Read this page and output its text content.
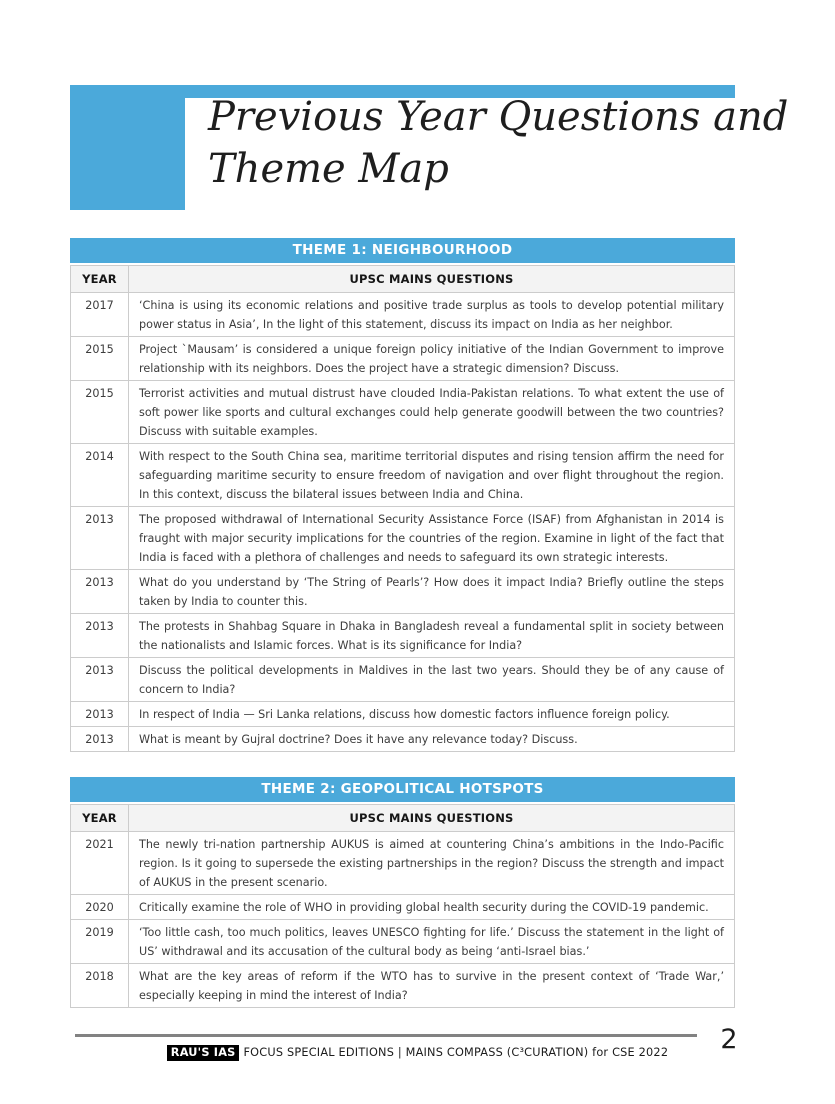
Previous Year Questions and
Theme Map
THEME 1: NEIGHBOURHOOD
YEAR	UPSC MAINS QUESTIONS
2017	‘China is using its economic relations and positive trade surplus as tools to develop potential military power status in Asia’, In the light of this statement, discuss its impact on India as her neighbor.
2015	Project `Mausam’ is considered a unique foreign policy initiative of the Indian Government to improve relationship with its neighbors. Does the project have a strategic dimension? Discuss.
2015	Terrorist activities and mutual distrust have clouded India-Pakistan relations. To what extent the use of soft power like sports and cultural exchanges could help generate goodwill between the two countries? Discuss with suitable examples.
2014	With respect to the South China sea, maritime territorial disputes and rising tension affirm the need for safeguarding maritime security to ensure freedom of navigation and over flight throughout the region. In this context, discuss the bilateral issues between India and China.
2013	The proposed withdrawal of International Security Assistance Force (ISAF) from Afghanistan in 2014 is fraught with major security implications for the countries of the region. Examine in light of the fact that India is faced with a plethora of challenges and needs to safeguard its own strategic interests.
2013	What do you understand by ‘The String of Pearls’? How does it impact India? Briefly outline the steps taken by India to counter this.
2013	The protests in Shahbag Square in Dhaka in Bangladesh reveal a fundamental split in society between the nationalists and Islamic forces. What is its significance for India?
2013	Discuss the political developments in Maldives in the last two years. Should they be of any cause of concern to India?
2013	In respect of India — Sri Lanka relations, discuss how domestic factors influence foreign policy.
2013	What is meant by Gujral doctrine? Does it have any relevance today? Discuss.
THEME 2: GEOPOLITICAL HOTSPOTS
YEAR	UPSC MAINS QUESTIONS
2021	The newly tri-nation partnership AUKUS is aimed at countering China’s ambitions in the Indo-Pacific region. Is it going to supersede the existing partnerships in the region? Discuss the strength and impact of AUKUS in the present scenario.
2020	Critically examine the role of WHO in providing global health security during the COVID-19 pandemic.
2019	‘Too little cash, too much politics, leaves UNESCO fighting for life.’ Discuss the statement in the light of US’ withdrawal and its accusation of the cultural body as being ‘anti-Israel bias.’
2018	What are the key areas of reform if the WTO has to survive in the present context of ‘Trade War,’ especially keeping in mind the interest of India?
2
RAU'S IAS FOCUS SPECIAL EDITIONS | MAINS COMPASS (C³CURATION) for CSE 2022
